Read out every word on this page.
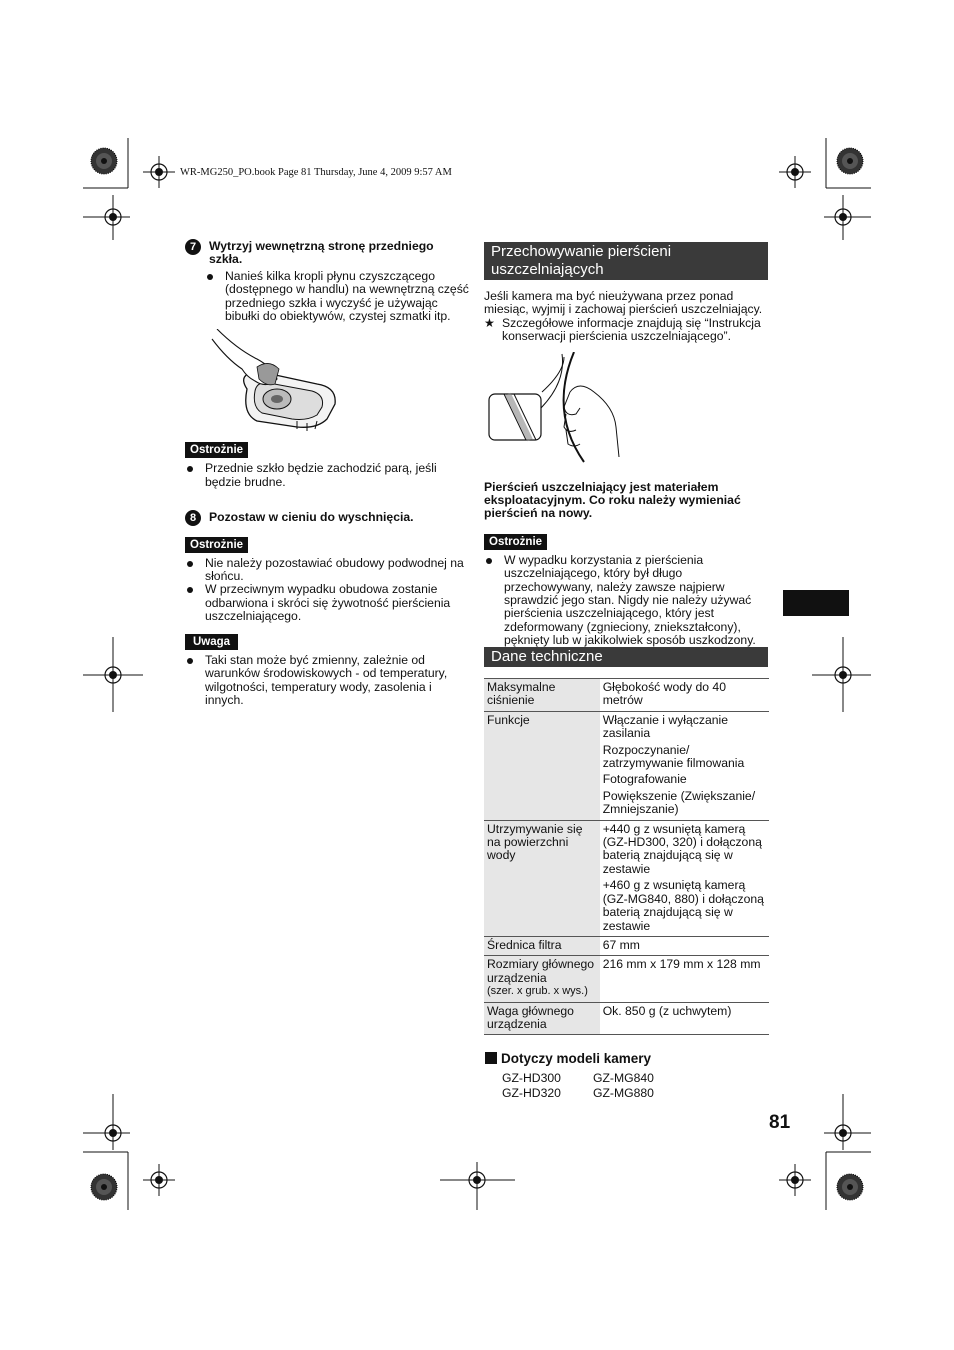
WR-MG250_PO.book Page 81 Thursday, June 4, 2009 9:57 AM
7	Wytrzyj wewnętrzną stronę przedniego szkła.
Nanieś kilka kropli płynu czyszczącego (dostępnego w handlu) na wewnętrzną część przedniego szkła i wyczyść je używając bibułki do obiektywów, czystej szmatki itp.
Ostrożnie
Przednie szkło będzie zachodzić parą, jeśli będzie brudne.
8	Pozostaw w cieniu do wyschnięcia.
Ostrożnie
Nie należy pozostawiać obudowy podwodnej na słońcu.
W przeciwnym wypadku obudowa zostanie odbarwiona i skróci się żywotność pierścienia uszczelniającego.
Uwaga
Taki stan może być zmienny, zależnie od warunków środowiskowych - od temperatury, wilgotności, temperatury wody, zasolenia i innych.
Przechowywanie pierścieni uszczelniających
Jeśli kamera ma być nieużywana przez ponad miesiąc, wyjmij i zachowaj pierścień uszczelniający.
★ Szczegółowe informacje znajdują się “Instrukcja konserwacji pierścienia uszczelniającego”.
Pierścień uszczelniający jest materiałem eksploatacyjnym. Co roku należy wymieniać pierścień na nowy.
Ostrożnie
W wypadku korzystania z pierścienia uszczelniającego, który był długo przechowywany, należy zawsze najpierw sprawdzić jego stan. Nigdy nie należy używać pierścienia uszczelniającego, który jest zdeformowany (zgnieciony, zniekształcony), pęknięty lub w jakikolwiek sposób uszkodzony.
Dane techniczne
Maksymalne ciśnienie	Głębokość wody do 40 metrów

Funkcje	Włączanie i wyłączanie zasilania
Rozpoczynanie/ zatrzymywanie filmowania
Fotografowanie
Powiększenie (Zwiększanie/ Zmniejszanie)

Utrzymywanie się na powierzchni wody	+440 g z wsuniętą kamerą (GZ-HD300, 320) i dołączoną baterią znajdującą się w zestawie
+460 g z wsuniętą kamerą (GZ-MG840, 880) i dołączoną baterią znajdującą się w zestawie

Średnica filtra	67 mm

Rozmiary głównego urządzenia
(szer. x grub. x wys.)	216 mm x 179 mm x 128 mm

Waga głównego urządzenia	Ok. 850 g (z uchwytem)
Dotyczy modeli kamery
GZ-HD300
GZ-HD320
GZ-MG840
GZ-MG880
81
